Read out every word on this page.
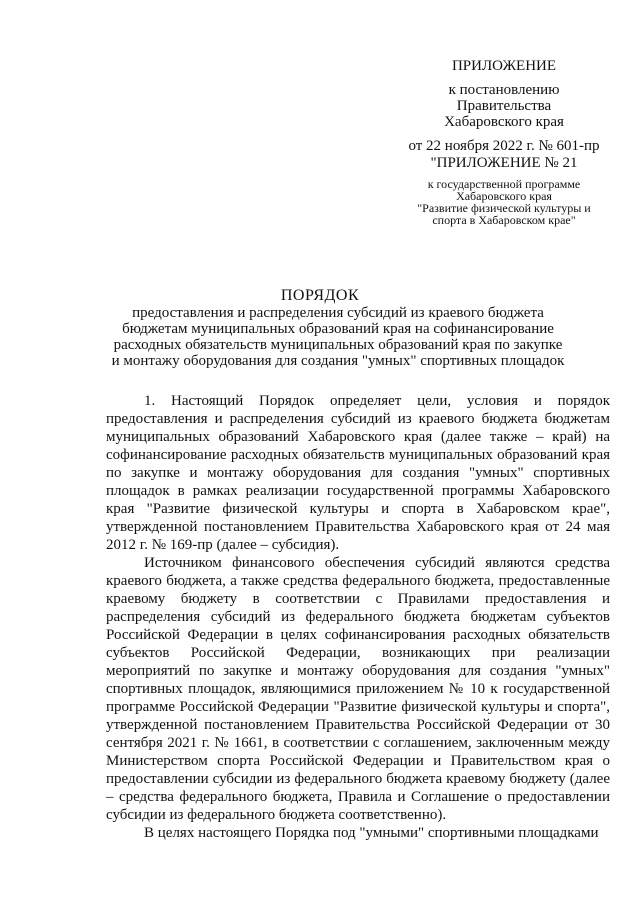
ПРИЛОЖЕНИЕ
к постановлению
Правительства
Хабаровского края
от 22 ноября 2022 г. № 601-пр
"ПРИЛОЖЕНИЕ № 21
к государственной программе
Хабаровского края
"Развитие физической культуры и
спорта в Хабаровском крае"
ПОРЯДОК
предоставления и распределения субсидий из краевого бюджета
бюджетам муниципальных образований края на софинансирование
расходных обязательств муниципальных образований края по закупке
и монтажу оборудования для создания "умных" спортивных площадок

1. Настоящий Порядок определяет цели, условия и порядок предоставления и распределения субсидий из краевого бюджета бюджетам муниципальных образований Хабаровского края (далее также – край) на софинансирование расходных обязательств муниципальных образований края по закупке и монтажу оборудования для создания "умных" спортивных площадок в рамках реализации государственной программы Хабаровского края "Развитие физической культуры и спорта в Хабаровском крае", утвержденной постановлением Правительства Хабаровского края от 24 мая 2012 г. № 169-пр (далее – субсидия).

Источником финансового обеспечения субсидий являются средства краевого бюджета, а также средства федерального бюджета, предоставленные краевому бюджету в соответствии с Правилами предоставления и распределения субсидий из федерального бюджета бюджетам субъектов Российской Федерации в целях софинансирования расходных обязательств субъектов Российской Федерации, возникающих при реализации мероприятий по закупке и монтажу оборудования для создания "умных" спортивных площадок, являющимися приложением № 10 к государственной программе Российской Федерации "Развитие физической культуры и спорта", утвержденной постановлением Правительства Российской Федерации от 30 сентября 2021 г. № 1661, в соответствии с соглашением, заключенным между Министерством спорта Российской Федерации и Правительством края о предоставлении субсидии из федерального бюджета краевому бюджету (далее – средства федерального бюджета, Правила и Соглашение о предоставлении субсидии из федерального бюджета соответственно).

В целях настоящего Порядка под "умными" спортивными площадками
